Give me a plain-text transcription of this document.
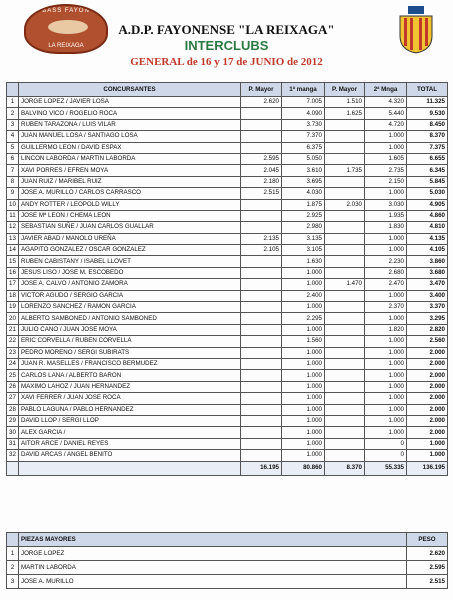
BASS FAYON
LA REIXAGA
A.D.P. FAYONENSE "LA REIXAGA"
INTERCLUBS
GENERAL de 16 y 17 de JUNIO de 2012
	CONCURSANTES	P. Mayor	1ª manga	P. Mayor	2ª Mnga	TOTAL
1	JORGE LOPEZ / JAVIER LOSA	2.620	7.005	1.510	4.320	11.325
2	BALVINO VICO / ROGELIO ROCA		4.090	1.625	5.440	9.530
3	RUBEN TARAZONA / LUIS VILAR		3.730		4.720	8.450
4	JUAN MANUEL LOSA / SANTIAGO LOSA		7.370		1.000	8.370
5	GUILLERMO LEON / DAVID ESPAX		6.375		1.000	7.375
6	LINCON LABORDA / MARTIN LABORDA	2.595	5.050		1.605	6.655
7	XAVI PORRES / EFREN MOYA	2.045	3.610	1.735	2.735	6.345
8	JUAN RUIZ / MARIBEL RUIZ	2.180	3.695		2.150	5.845
9	JOSE A. MURILLO / CARLOS CARRASCO	2.515	4.030		1.000	5.030
10	ANDY ROTTER / LEOPOLD WILLY		1.875	2.030	3.030	4.905
11	JOSE Mª LEON / CHEMA LEON		2.925		1.935	4.860
12	SEBASTIAN SUÑE / JUAN CARLOS GUALLAR		2.980		1.830	4.810
13	JAVIER ABAD / MANOLO UREÑA	2.135	3.135		1.000	4.135
14	AGAPITO GONZALEZ / OSCAR GONZALEZ	2.105	3.105		1.000	4.105
15	RUBEN CABISTANY / ISABEL LLOVET		1.630		2.230	3.860
16	JESUS LISO / JOSE M. ESCOBEDO		1.000		2.680	3.680
17	JOSE A. CALVO / ANTONIO ZAMORA		1.000	1.470	2.470	3.470
18	VICTOR AGUDO / SERGIO GARCIA		2.400		1.000	3.400
19	LORENZO SANCHEZ / RAMON GARCIA		1.000		2.370	3.370
20	ALBERTO SAMBONED / ANTONIO SAMBONED		2.295		1.000	3.295
21	JULIO CANO / JUAN JOSE MOYA		1.000		1.820	2.820
22	ERIC CORVELLA / RUBEN CORVELLA		1.560		1.000	2.560
23	PEDRO MORENO / SERGI SUBIRATS		1.000		1.000	2.000
24	JUAN R. MASELLES / FRANCISCO BERMUDEZ		1.000		1.000	2.000
25	CARLOS LANA / ALBERTO BARON		1.000		1.000	2.000
26	MAXIMO LAHOZ / JUAN HERNANDEZ		1.000		1.000	2.000
27	XAVI FERRER / JUAN JOSE ROCA		1.000		1.000	2.000
28	PABLO LAGUNA / PABLO HERNANDEZ		1.000		1.000	2.000
29	DAVID LLOP / SERGI LLOP		1.000		1.000	2.000
30	ALEX GARCIA /		1.000		1.000	2.000
31	AITOR ARCE / DANIEL REYES		1.000		0	1.000
32	DAVID ARCAS / ANGEL BENITO		1.000		0	1.000
		16.195	80.860	8.370	55.335	136.195
	PIEZAS MAYORES	PESO
1	JORGE LOPEZ	2.620
2	MARTIN LABORDA	2.595
3	JOSE A. MURILLO	2.515
